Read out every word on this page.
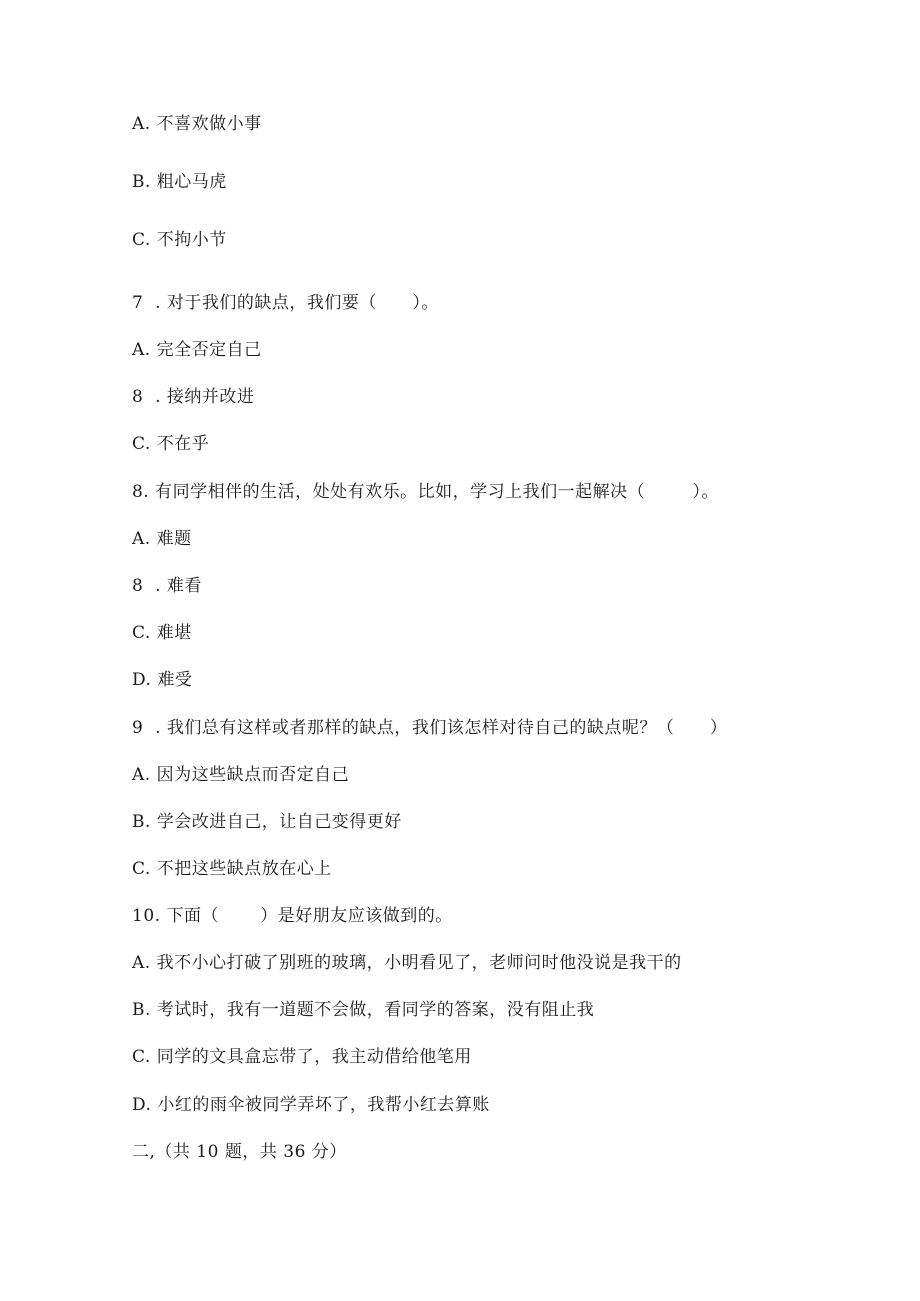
A. 不喜欢做小事
B. 粗心马虎
C. 不拘小节
7  . 对于我们的缺点，我们要（      ）。
A. 完全否定自己
8  . 接纳并改进
C. 不在乎
8. 有同学相伴的生活，处处有欢乐。比如，学习上我们一起解决（        ）。
A. 难题
8  . 难看
C. 难堪
D. 难受
9  . 我们总有这样或者那样的缺点，我们该怎样对待自己的缺点呢？（      ）
A. 因为这些缺点而否定自己
B. 学会改进自己，让自己变得更好
C. 不把这些缺点放在心上
10. 下面（       ）是好朋友应该做到的。
A. 我不小心打破了别班的玻璃，小明看见了，老师问时他没说是我干的
B. 考试时，我有一道题不会做，看同学的答案，没有阻止我
C. 同学的文具盒忘带了，我主动借给他笔用
D. 小红的雨伞被同学弄坏了，我帮小红去算账
二,（共 10 题，共 36 分）
